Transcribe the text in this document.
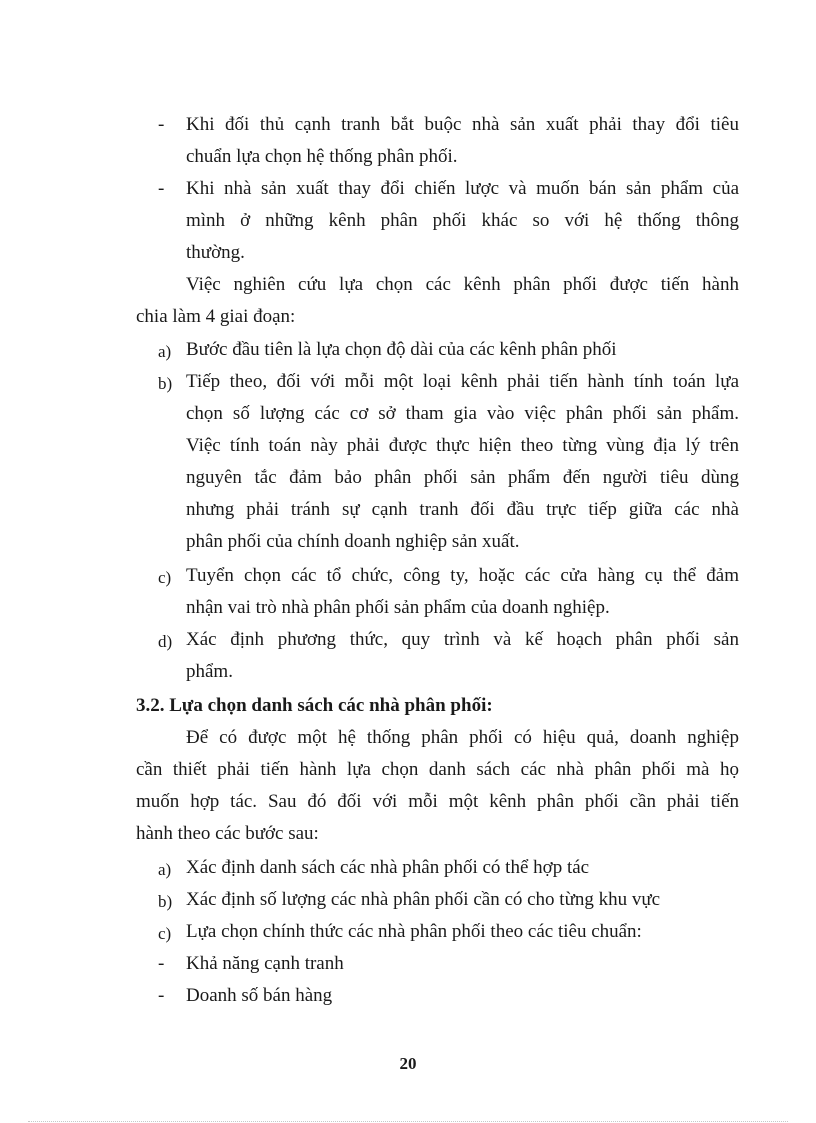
- Khi đối thủ cạnh tranh bắt buộc nhà sản xuất phải thay đổi tiêu
chuẩn lựa chọn hệ thống phân phối.
- Khi nhà sản xuất thay đổi chiến lược và muốn bán sản phẩm của
mình ở những kênh phân phối khác so với hệ thống thông
thường.
Việc nghiên cứu lựa chọn các kênh phân phối được tiến hành
chia làm 4 giai đoạn:
a) Bước đầu tiên là lựa chọn độ dài của các kênh phân phối
b) Tiếp theo, đối với mỗi một loại kênh phải tiến hành tính toán lựa
chọn số lượng các cơ sở tham gia vào việc phân phối sản phẩm.
Việc tính toán này phải được thực hiện theo từng vùng địa lý trên
nguyên tắc đảm bảo phân phối sản phẩm đến người tiêu dùng
nhưng phải tránh sự cạnh tranh đối đầu trực tiếp giữa các nhà
phân phối của chính doanh nghiệp sản xuất.
c) Tuyển chọn các tổ chức, công ty, hoặc các cửa hàng cụ thể đảm
nhận vai trò nhà phân phối sản phẩm của doanh nghiệp.
d) Xác định phương thức, quy trình và kế hoạch phân phối sản
phẩm.
3.2. Lựa chọn danh sách các nhà phân phối:
Để có được một hệ thống phân phối có hiệu quả, doanh nghiệp
cần thiết phải tiến hành lựa chọn danh sách các nhà phân phối mà họ
muốn hợp tác. Sau đó đối với mỗi một kênh phân phối cần phải tiến
hành theo các bước sau:
a) Xác định danh sách các nhà phân phối có thể hợp tác
b) Xác định số lượng các nhà phân phối cần có cho từng khu vực
c) Lựa chọn chính thức các nhà phân phối theo các tiêu chuẩn:
- Khả năng cạnh tranh
- Doanh số bán hàng
20
